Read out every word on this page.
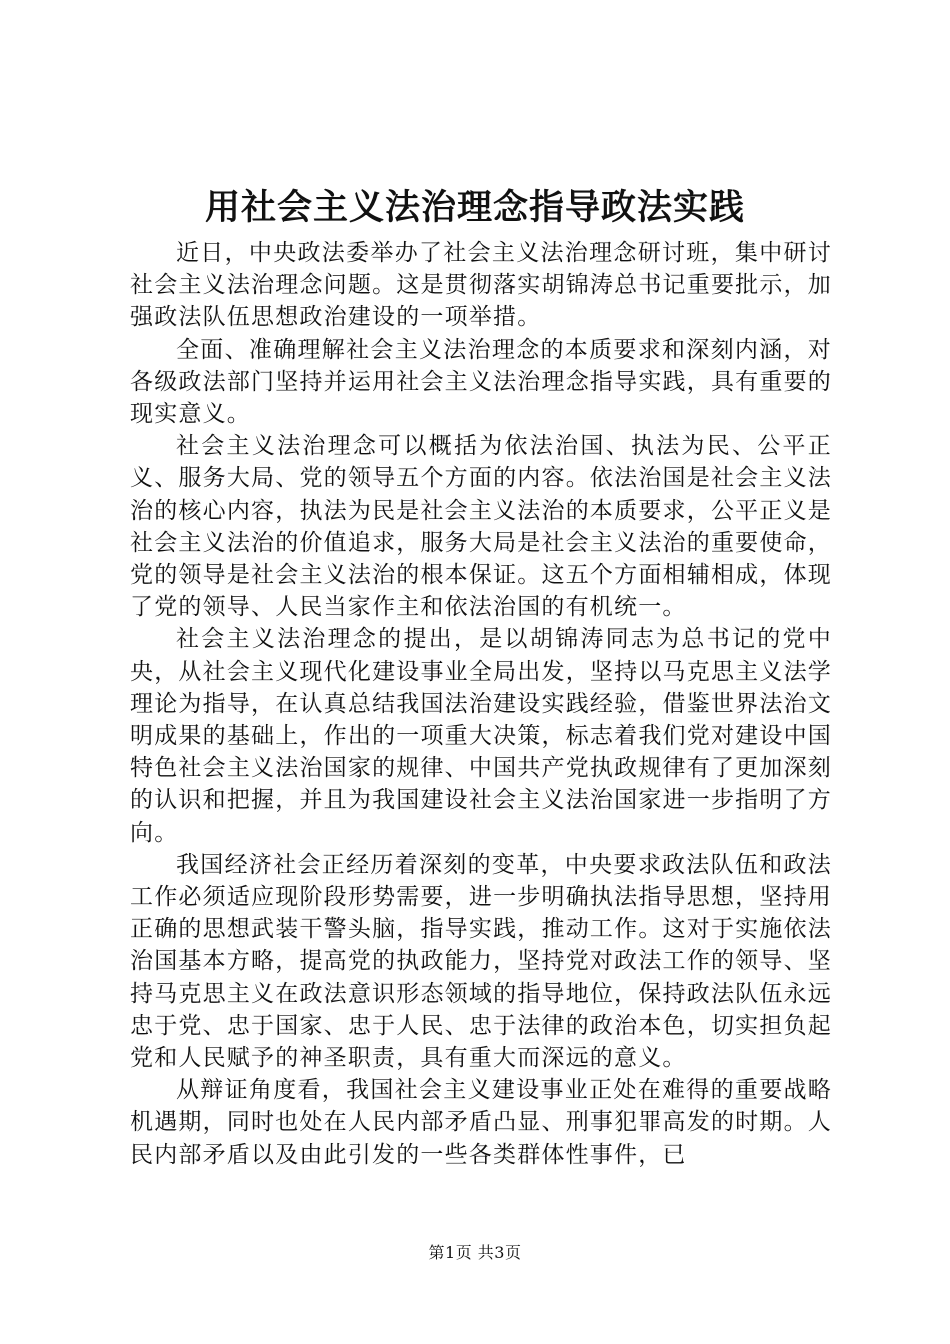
用社会主义法治理念指导政法实践

近日，中央政法委举办了社会主义法治理念研讨班，集中研讨社会主义法治理念问题。这是贯彻落实胡锦涛总书记重要批示，加强政法队伍思想政治建设的一项举措。

全面、准确理解社会主义法治理念的本质要求和深刻内涵，对各级政法部门坚持并运用社会主义法治理念指导实践，具有重要的现实意义。

社会主义法治理念可以概括为依法治国、执法为民、公平正义、服务大局、党的领导五个方面的内容。依法治国是社会主义法治的核心内容，执法为民是社会主义法治的本质要求，公平正义是社会主义法治的价值追求，服务大局是社会主义法治的重要使命，党的领导是社会主义法治的根本保证。这五个方面相辅相成，体现了党的领导、人民当家作主和依法治国的有机统一。

社会主义法治理念的提出，是以胡锦涛同志为总书记的党中央，从社会主义现代化建设事业全局出发，坚持以马克思主义法学理论为指导，在认真总结我国法治建设实践经验，借鉴世界法治文明成果的基础上，作出的一项重大决策，标志着我们党对建设中国特色社会主义法治国家的规律、中国共产党执政规律有了更加深刻的认识和把握，并且为我国建设社会主义法治国家进一步指明了方向。

我国经济社会正经历着深刻的变革，中央要求政法队伍和政法工作必须适应现阶段形势需要，进一步明确执法指导思想，坚持用正确的思想武装干警头脑，指导实践，推动工作。这对于实施依法治国基本方略，提高党的执政能力，坚持党对政法工作的领导、坚持马克思主义在政法意识形态领域的指导地位，保持政法队伍永远忠于党、忠于国家、忠于人民、忠于法律的政治本色，切实担负起党和人民赋予的神圣职责，具有重大而深远的意义。

从辩证角度看，我国社会主义建设事业正处在难得的重要战略机遇期，同时也处在人民内部矛盾凸显、刑事犯罪高发的时期。人民内部矛盾以及由此引发的一些各类群体性事件，已

第1页 共3页
